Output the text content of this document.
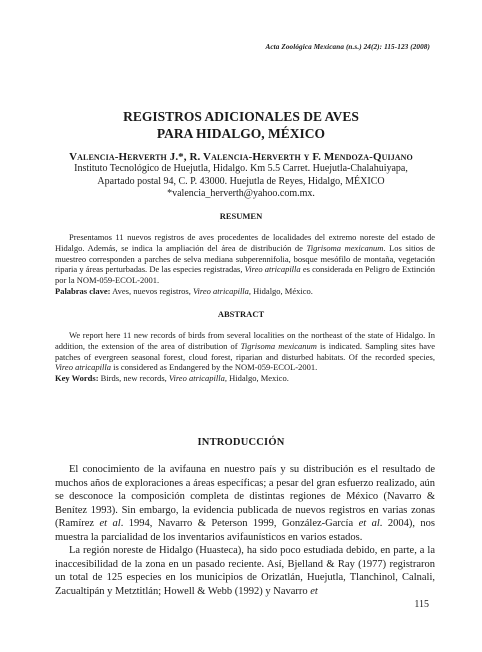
Acta Zoológica Mexicana (n.s.) 24(2): 115-123 (2008)
REGISTROS ADICIONALES DE AVES
PARA HIDALGO, MÉXICO
Valencia-Herverth J.*, R. Valencia-Herverth y F. Mendoza-Quijano
Instituto Tecnológico de Huejutla, Hidalgo. Km 5.5 Carret. Huejutla-Chalahuiyapa,
Apartado postal 94, C. P. 43000. Huejutla de Reyes, Hidalgo, MÉXICO
*valencia_herverth@yahoo.com.mx.
RESUMEN

Presentamos 11 nuevos registros de aves procedentes de localidades del extremo noreste del estado de Hidalgo. Además, se indica la ampliación del área de distribución de Tigrisoma mexicanum. Los sitios de muestreo corresponden a parches de selva mediana subperennifolia, bosque mesófilo de montaña, vegetación riparia y áreas perturbadas. De las especies registradas, Vireo atricapilla es considerada en Peligro de Extinción por la NOM-059-ECOL-2001.

Palabras clave: Aves, nuevos registros, Vireo atricapilla, Hidalgo, México.

ABSTRACT

We report here 11 new records of birds from several localities on the northeast of the state of Hidalgo. In addition, the extension of the area of distribution of Tigrisoma mexicanum is indicated. Sampling sites have patches of evergreen seasonal forest, cloud forest, riparian and disturbed habitats. Of the recorded species, Vireo atricapilla is considered as Endangered by the NOM-059-ECOL-2001.

Key Words: Birds, new records, Vireo atricapilla, Hidalgo, Mexico.

INTRODUCCIÓN

El conocimiento de la avifauna en nuestro país y su distribución es el resultado de muchos años de exploraciones a áreas específicas; a pesar del gran esfuerzo realizado, aún se desconoce la composición completa de distintas regiones de México (Navarro & Benítez 1993). Sin embargo, la evidencia publicada de nuevos registros en varias zonas (Ramírez et al. 1994, Navarro & Peterson 1999, González-García et al. 2004), nos muestra la parcialidad de los inventarios avifaunísticos en varios estados.

La región noreste de Hidalgo (Huasteca), ha sido poco estudiada debido, en parte, a la inaccesibilidad de la zona en un pasado reciente. Así, Bjelland & Ray (1977) registraron un total de 125 especies en los municipios de Orizatlán, Huejutla, Tlanchinol, Calnali, Zacualtipán y Metztitlán; Howell & Webb (1992) y Navarro et

115
